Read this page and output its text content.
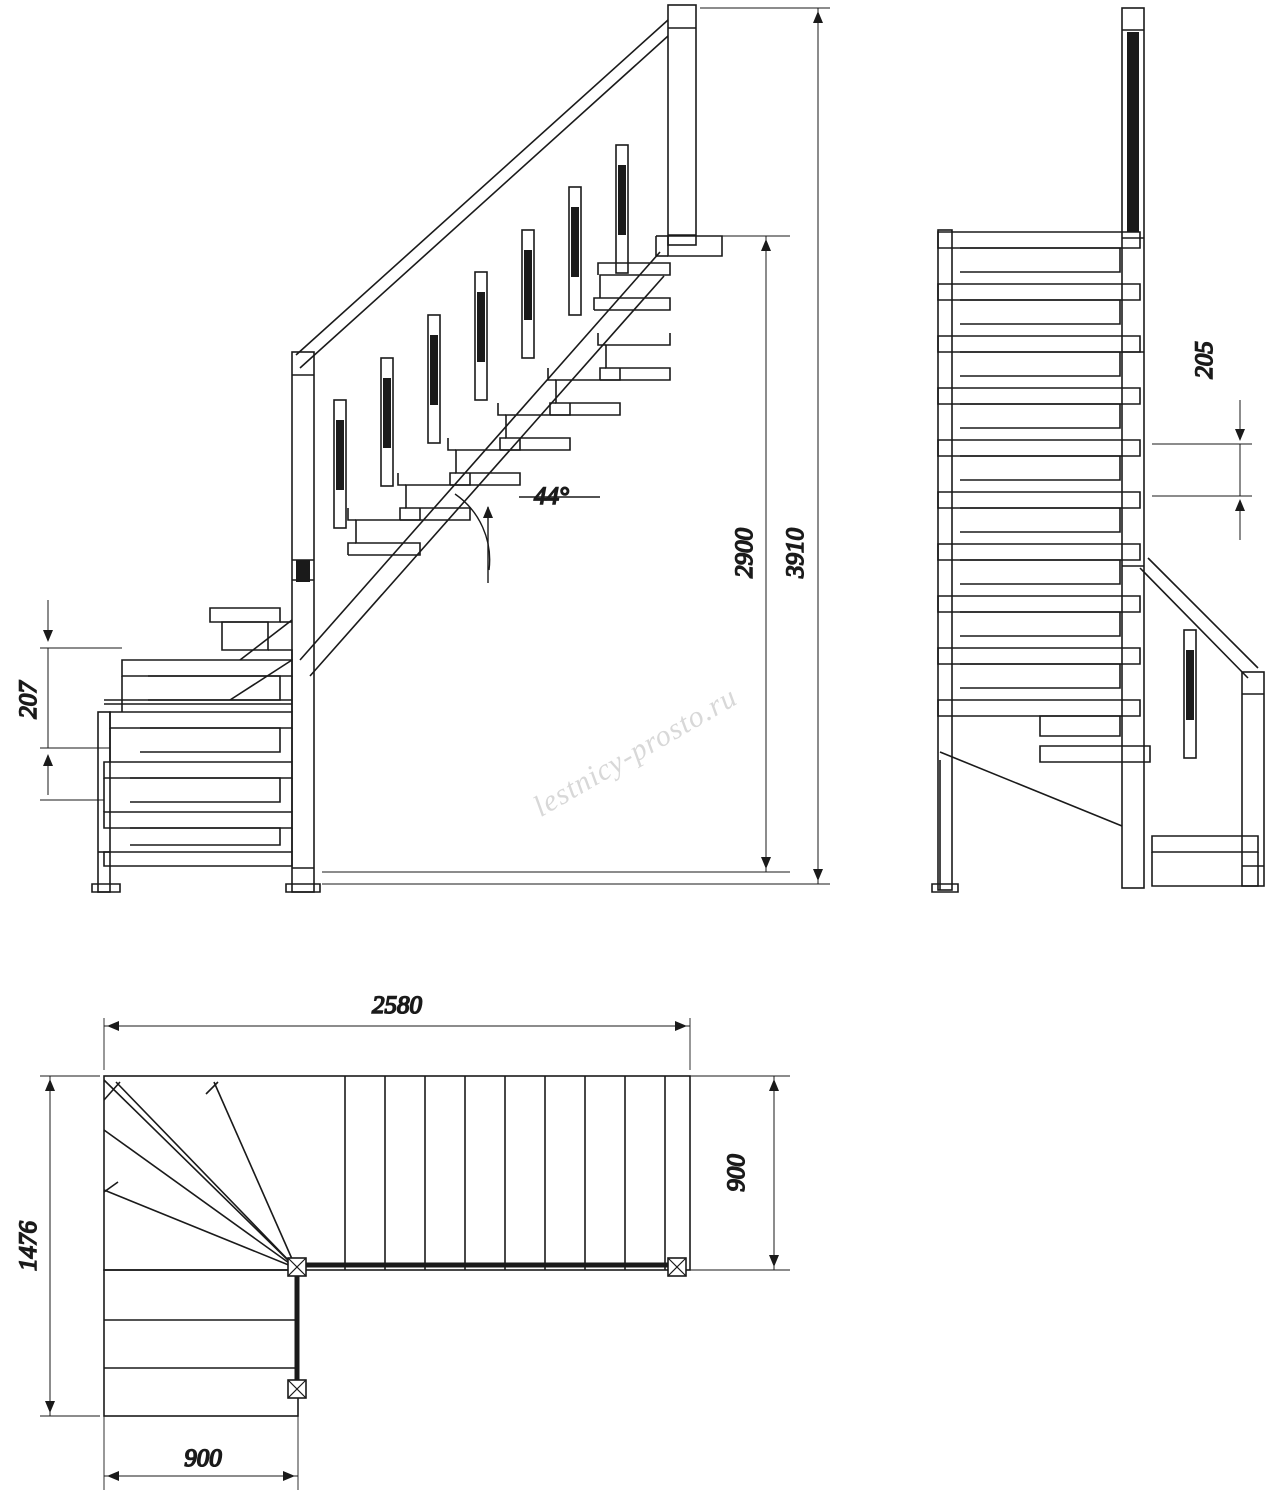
44°
207
2900 3910
205
2580
900
1476
900
lestnicy-prosto.ru
